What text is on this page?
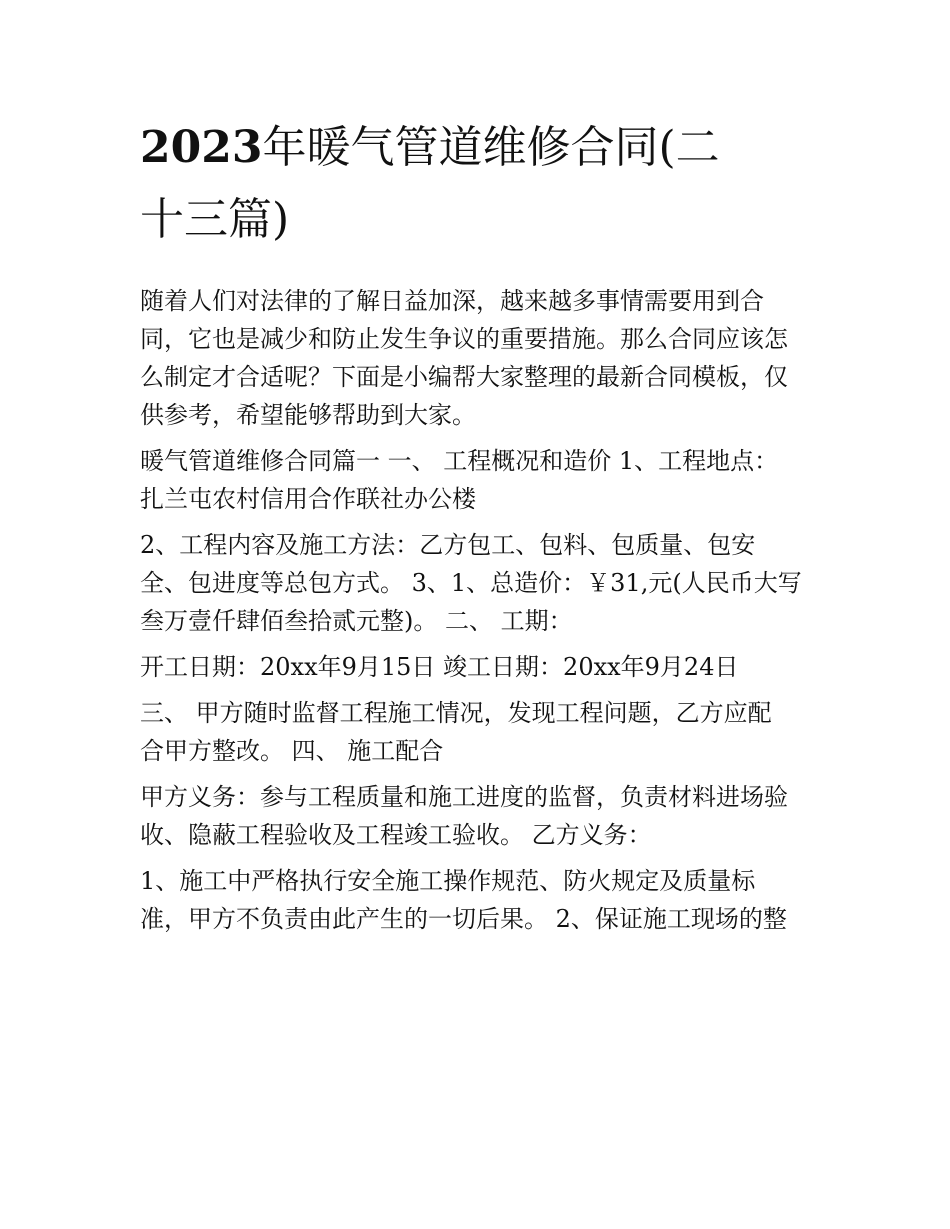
2023年暖气管道维修合同(二
十三篇)
随着人们对法律的了解日益加深，越来越多事情需要用到合
同，它也是减少和防止发生争议的重要措施。那么合同应该怎
么制定才合适呢？下面是小编帮大家整理的最新合同模板，仅
供参考，希望能够帮助到大家。
暖气管道维修合同篇一 一、 工程概况和造价 1、工程地点：
扎兰屯农村信用合作联社办公楼
2、工程内容及施工方法：乙方包工、包料、包质量、包安
全、包进度等总包方式。 3、1、总造价：￥31,元(人民币大写
叁万壹仟肆佰叁拾贰元整)。 二、 工期：
开工日期：20xx年9月15日 竣工日期：20xx年9月24日
三、 甲方随时监督工程施工情况，发现工程问题，乙方应配
合甲方整改。 四、 施工配合
甲方义务：参与工程质量和施工进度的监督，负责材料进场验
收、隐蔽工程验收及工程竣工验收。 乙方义务：
1、施工中严格执行安全施工操作规范、防火规定及质量标
准，甲方不负责由此产生的一切后果。 2、保证施工现场的整
